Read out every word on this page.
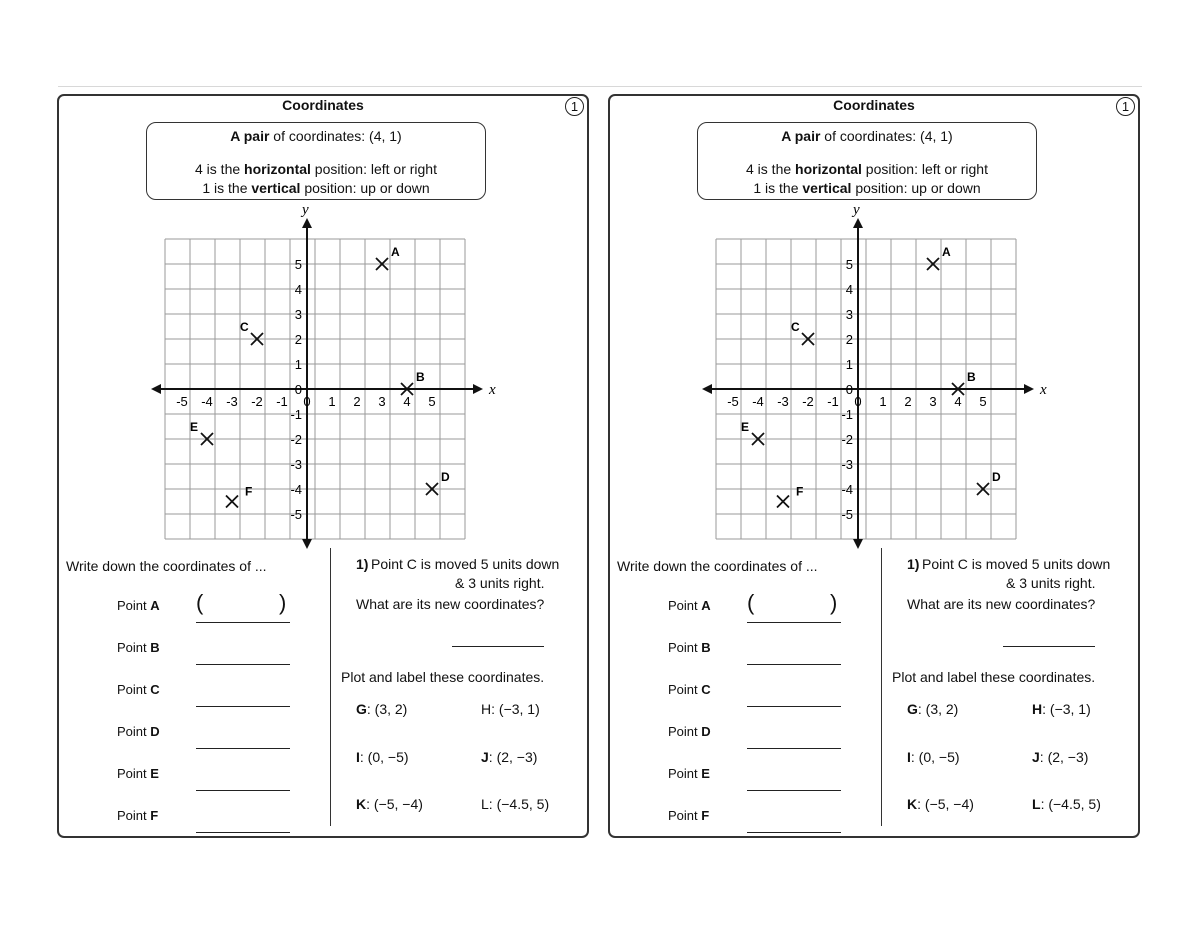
Coordinates	1
A pair of coordinates: (4, 1)
4 is the horizontal position: left or right
1 is the vertical position: up or down
x
y
-5 -4 -3 -2 -1 0 1 2 3 4 5
5
4
3
2
1
0
-1
-2
-3
-4
-5
A
B
C
D
E
F
Write down the coordinates of ...
Point A
Point B
Point C
Point D
Point E
Point F
(	)
1) Point C is moved 5 units down
& 3 units right.
What are its new coordinates?
Plot and label these coordinates.
G: (3, 2)	H: (−3, 1)
I: (0, −5)	J: (2, −3)
K: (−5, −4)	L: (−4.5, 5)
Coordinates	1
A pair of coordinates: (4, 1)
4 is the horizontal position: left or right
1 is the vertical position: up or down
x
y
-5 -4 -3 -2 -1 0 1 2 3 4 5
5
4
3
2
1
0
-1
-2
-3
-4
-5
A
B
C
D
E
F
Write down the coordinates of ...
Point A
Point B
Point C
Point D
Point E
Point F
(	)
1) Point C is moved 5 units down
& 3 units right.
What are its new coordinates?
Plot and label these coordinates.
G: (3, 2)	H: (−3, 1)
I: (0, −5)	J: (2, −3)
K: (−5, −4)	L: (−4.5, 5)
